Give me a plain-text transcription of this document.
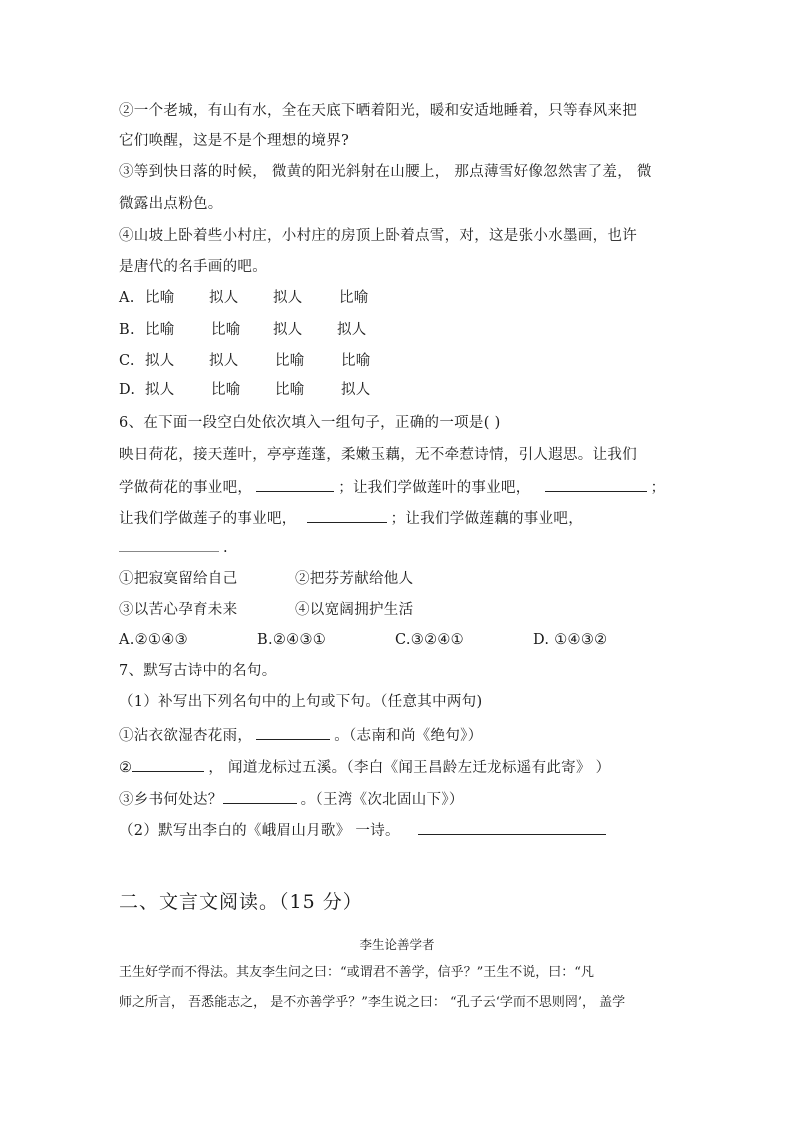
②一个老城，有山有水，全在天底下晒着阳光，暖和安适地睡着，只等春风来把
它们唤醒，这是不是个理想的境界?
③等到快日落的时候， 微黄的阳光斜射在山腰上， 那点薄雪好像忽然害了羞， 微
微露出点粉色。
④山坡上卧着些小村庄，小村庄的房顶上卧着点雪，对，这是张小水墨画，也许
是唐代的名手画的吧。
A. 比喻 拟人 拟人	比喻
B. 比喻	比喻 拟人 拟人
C. 拟人 拟人	比喻	比喻
D. 拟人	比喻 比喻	拟人
6、在下面一段空白处依次填入一组句子，正确的一项是( )
映日荷花，接天莲叶，亭亭莲蓬，柔嫩玉藕，无不牵惹诗情，引人遐思。让我们
学做荷花的事业吧，	；让我们学做莲叶的事业吧，	；
让我们学做莲子的事业吧，	；让我们学做莲藕的事业吧，
.
①把寂寞留给自己	②把芬芳献给他人
③以苦心孕育未来	④以宽阔拥护生活
A.②①④③	B.②④③①	C.③②④①	D. ①④③②
7、默写古诗中的名句。
（1）补写出下列名句中的上句或下句。（任意其中两句)
①沾衣欲湿杏花雨，	。（志南和尚《绝句》）
②	， 闻道龙标过五溪。（李白《闻王昌龄左迁龙标遥有此寄》 ）
③乡书何处达？	。（王湾《次北固山下》）
（2）默写出李白的《峨眉山月歌》 一诗。
二、文言文阅读。（15 分）
李生论善学者
王生好学而不得法。其友李生问之曰：“或谓君不善学，信乎？”王生不说，曰：“凡
师之所言， 吾悉能志之， 是不亦善学乎？”李生说之曰： “孔子云‘学而不思则罔’， 盖学
